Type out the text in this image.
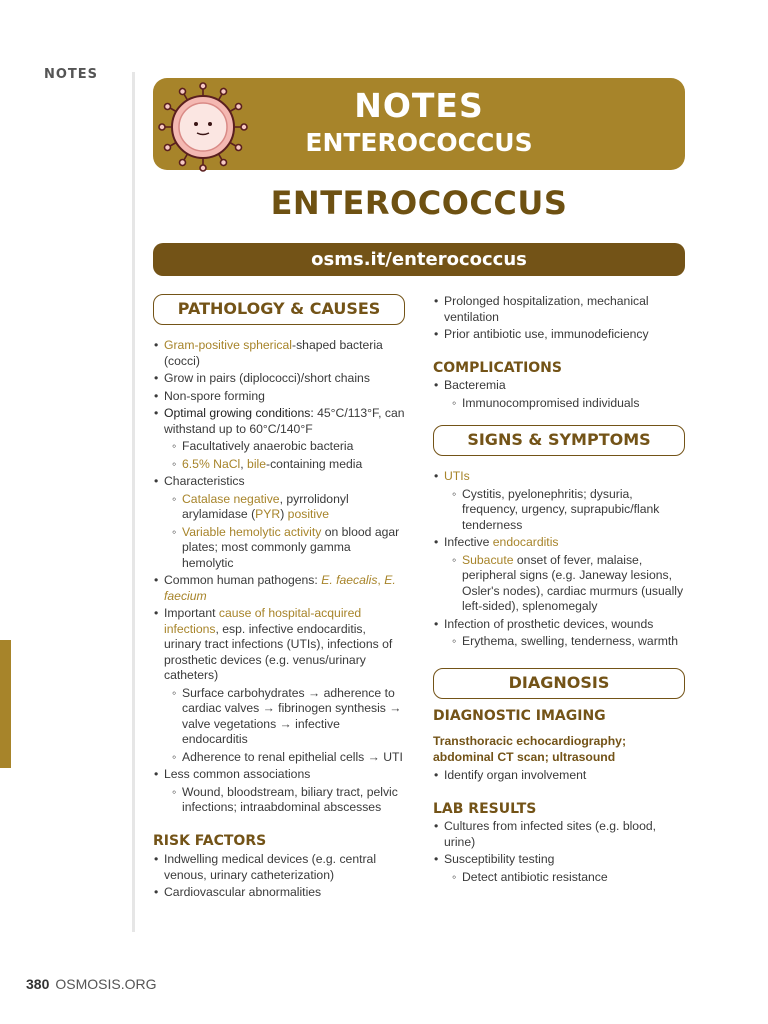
NOTES
NOTES
ENTEROCOCCUS
ENTEROCOCCUS
osms.it/enterococcus
PATHOLOGY & CAUSES
• Gram-positive spherical-shaped bacteria (cocci)
• Grow in pairs (diplococci)/short chains
• Non-spore forming
• Optimal growing conditions: 45°C/113°F, can withstand up to 60°C/140°F
◦ Facultatively anaerobic bacteria
◦ 6.5% NaCl, bile-containing media
• Characteristics
◦ Catalase negative, pyrrolidonyl arylamidase (PYR) positive
◦ Variable hemolytic activity on blood agar plates; most commonly gamma hemolytic
• Common human pathogens: E. faecalis, E. faecium
• Important cause of hospital-acquired infections, esp. infective endocarditis, urinary tract infections (UTIs), infections of prosthetic devices (e.g. venus/urinary catheters)
◦ Surface carbohydrates → adherence to cardiac valves → fibrinogen synthesis → valve vegetations → infective endocarditis
◦ Adherence to renal epithelial cells → UTI
• Less common associations
◦ Wound, bloodstream, biliary tract, pelvic infections; intraabdominal abscesses
RISK FACTORS
• Indwelling medical devices (e.g. central venous, urinary catheterization)
• Cardiovascular abnormalities
• Prolonged hospitalization, mechanical ventilation
• Prior antibiotic use, immunodeficiency
COMPLICATIONS
• Bacteremia
◦ Immunocompromised individuals
SIGNS & SYMPTOMS
• UTIs
◦ Cystitis, pyelonephritis; dysuria, frequency, urgency, suprapubic/flank tenderness
• Infective endocarditis
◦ Subacute onset of fever, malaise, peripheral signs (e.g. Janeway lesions, Osler's nodes), cardiac murmurs (usually left-sided), splenomegaly
• Infection of prosthetic devices, wounds
◦ Erythema, swelling, tenderness, warmth
DIAGNOSIS
DIAGNOSTIC IMAGING
Transthoracic echocardiography; abdominal CT scan; ultrasound
• Identify organ involvement
LAB RESULTS
• Cultures from infected sites (e.g. blood, urine)
• Susceptibility testing
◦ Detect antibiotic resistance
380 OSMOSIS.ORG
